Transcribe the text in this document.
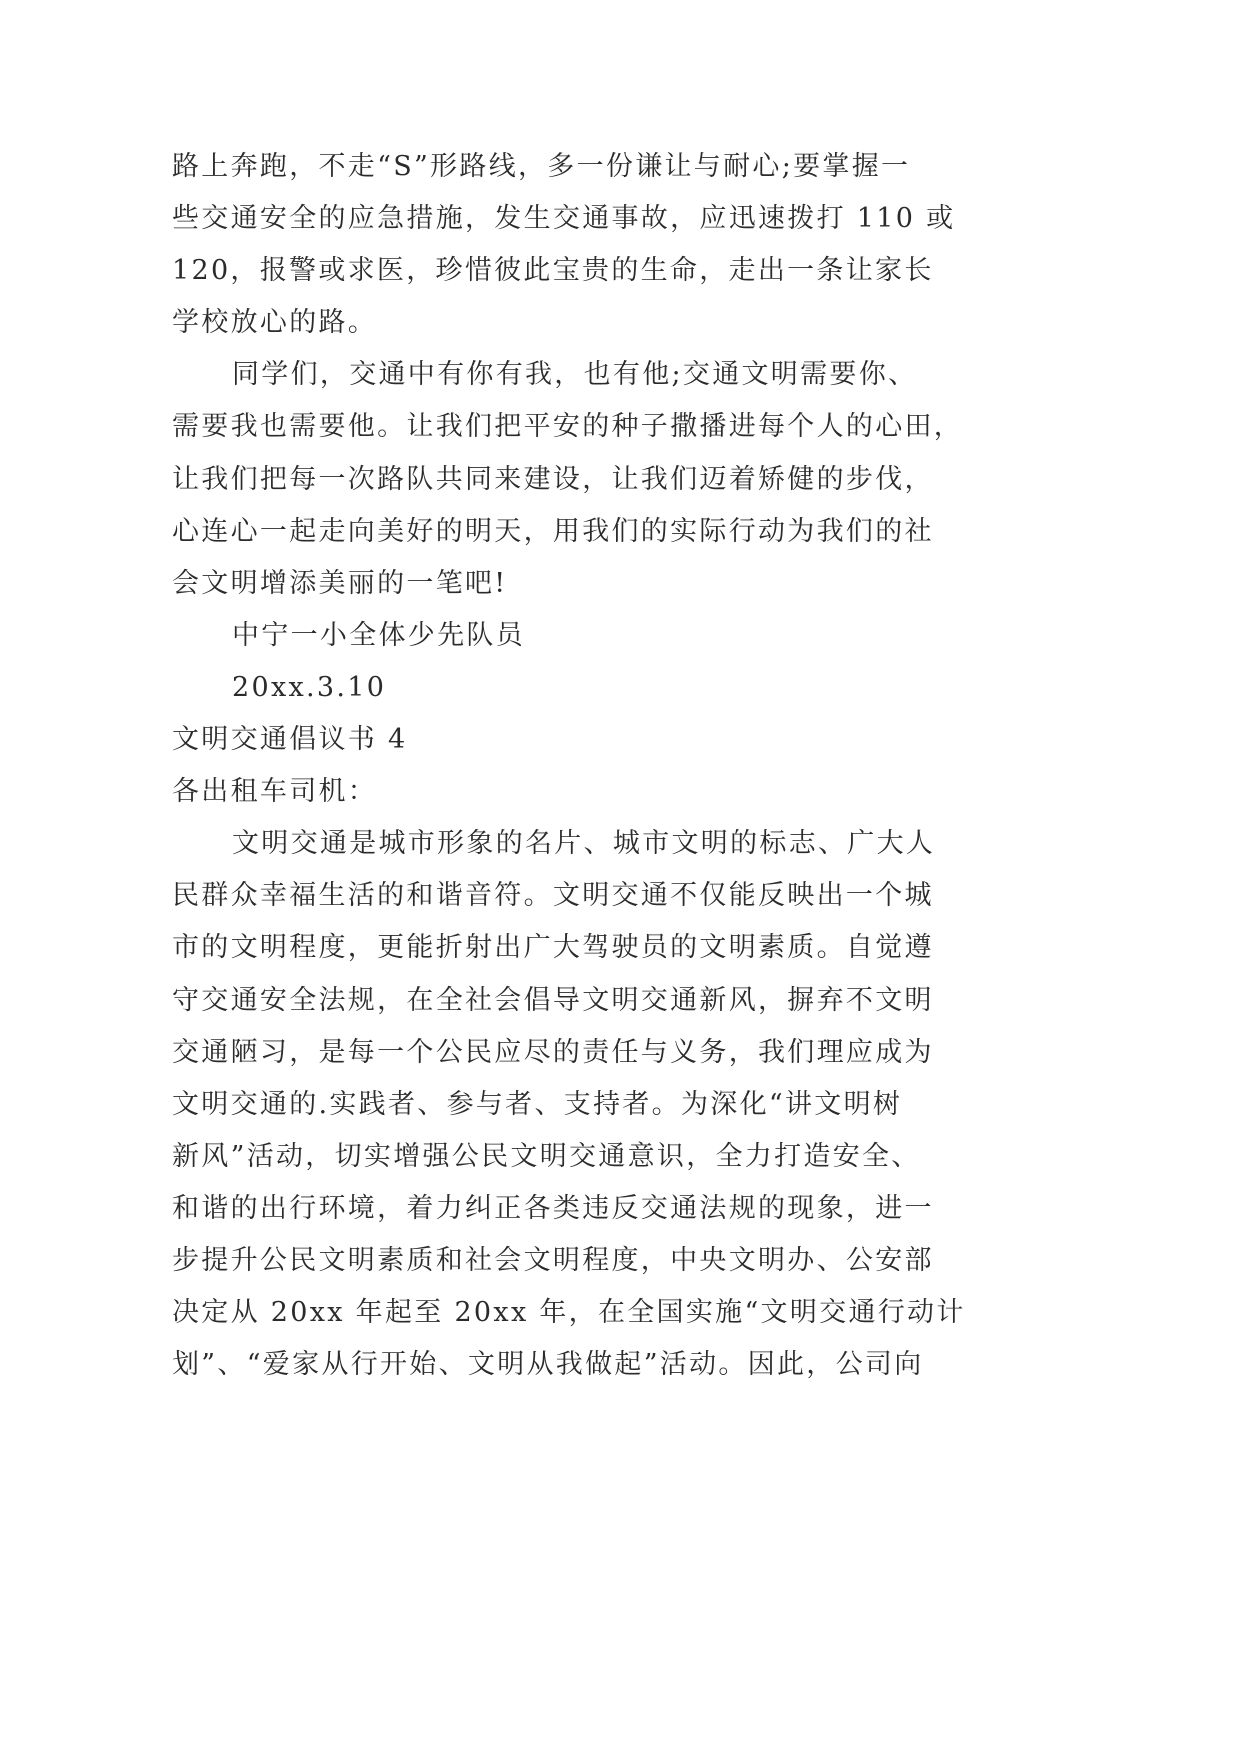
路上奔跑，不走“S”形路线，多一份谦让与耐心;要掌握一
些交通安全的应急措施，发生交通事故，应迅速拨打 110 或
120，报警或求医，珍惜彼此宝贵的生命，走出一条让家长
学校放心的路。
同学们，交通中有你有我，也有他;交通文明需要你、
需要我也需要他。让我们把平安的种子撒播进每个人的心田，
让我们把每一次路队共同来建设，让我们迈着矫健的步伐，
心连心一起走向美好的明天，用我们的实际行动为我们的社
会文明增添美丽的一笔吧!
中宁一小全体少先队员
20xx.3.10
文明交通倡议书 4
各出租车司机：
文明交通是城市形象的名片、城市文明的标志、广大人
民群众幸福生活的和谐音符。文明交通不仅能反映出一个城
市的文明程度，更能折射出广大驾驶员的文明素质。自觉遵
守交通安全法规，在全社会倡导文明交通新风，摒弃不文明
交通陋习，是每一个公民应尽的责任与义务，我们理应成为
文明交通的.实践者、参与者、支持者。为深化“讲文明树
新风”活动，切实增强公民文明交通意识，全力打造安全、
和谐的出行环境，着力纠正各类违反交通法规的现象，进一
步提升公民文明素质和社会文明程度，中央文明办、公安部
决定从 20xx 年起至 20xx 年，在全国实施“文明交通行动计
划”、“爱家从行开始、文明从我做起”活动。因此，公司向
